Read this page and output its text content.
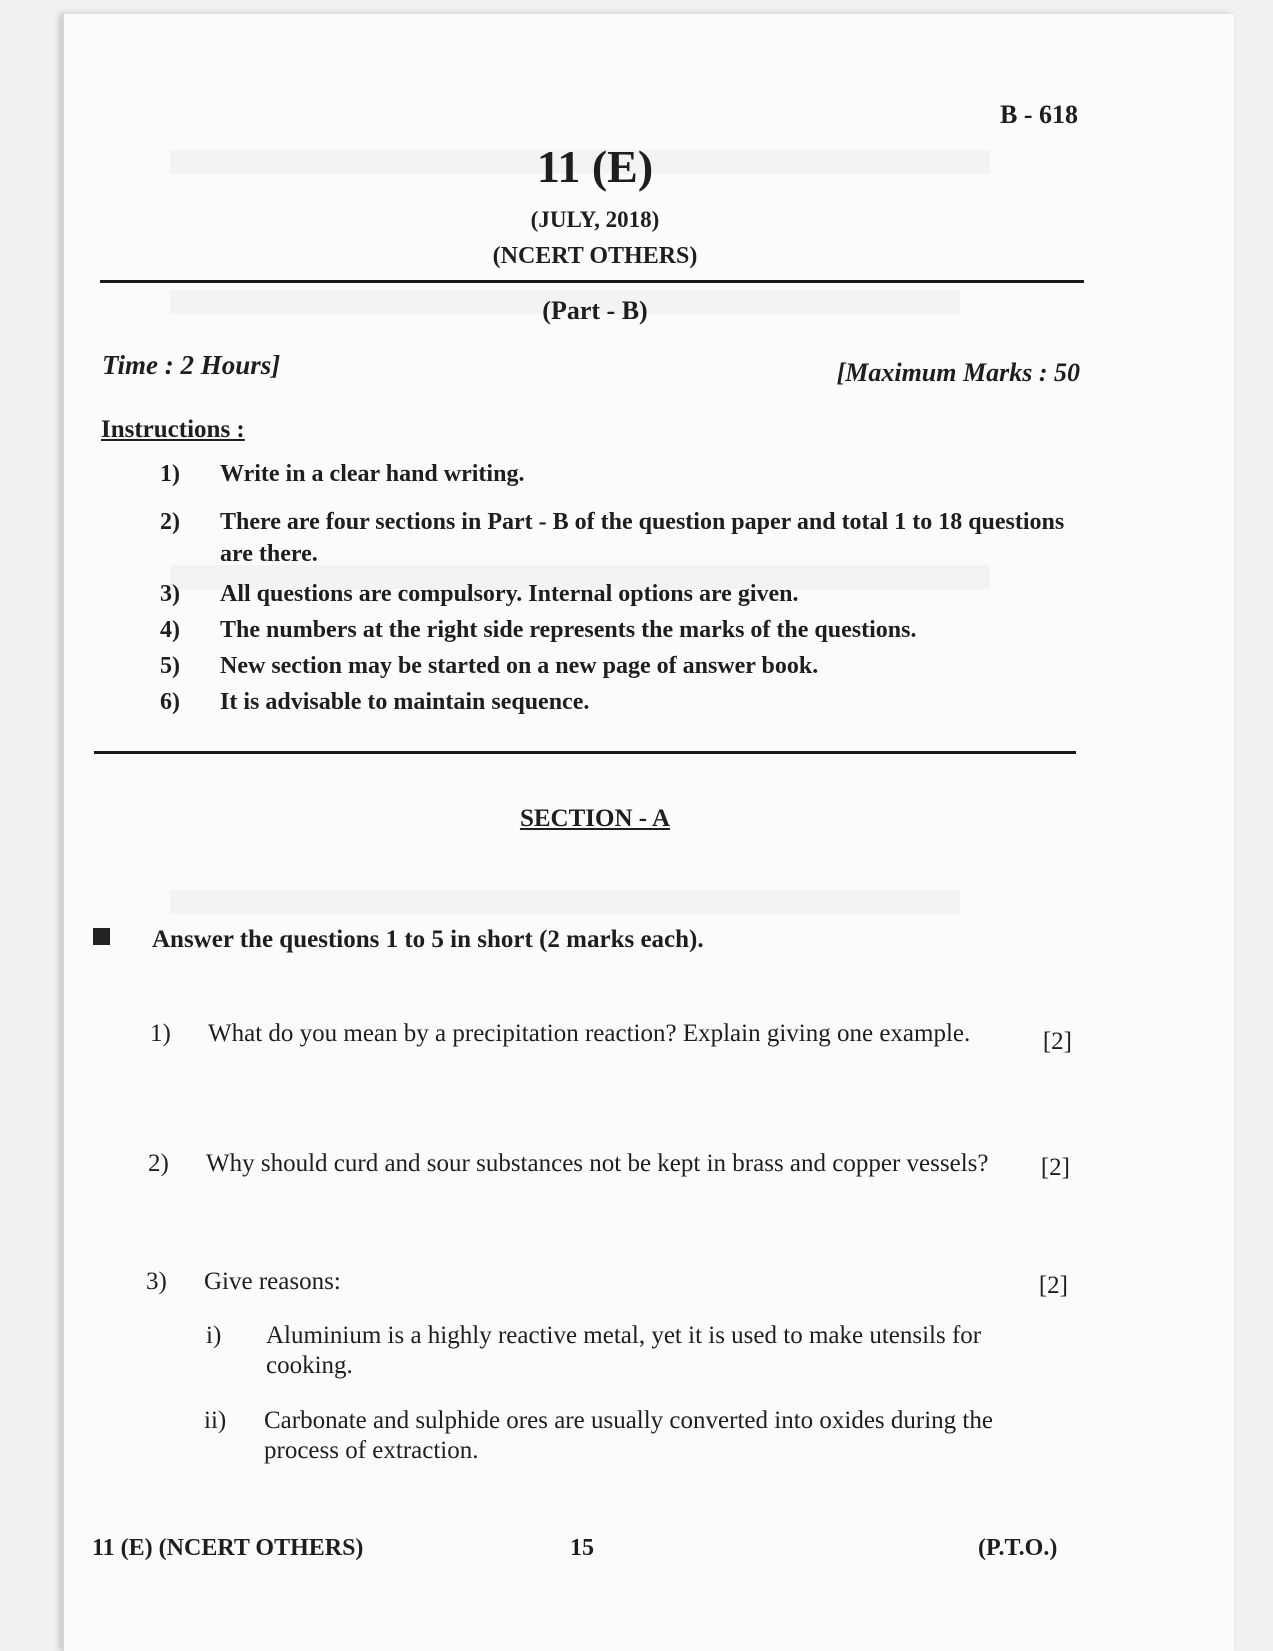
B - 618
11 (E)
(JULY, 2018)
(NCERT OTHERS)
(Part - B)
Time : 2 Hours]	[Maximum Marks : 50
Instructions :
1)	Write in a clear hand writing.
2)	There are four sections in Part - B of the question paper and total 1 to 18 questions are there.
3)	All questions are compulsory. Internal options are given.
4)	The numbers at the right side represents the marks of the questions.
5)	New section may be started on a new page of answer book.
6)	It is advisable to maintain sequence.
SECTION - A
Answer the questions 1 to 5 in short (2 marks each).
1)	What do you mean by a precipitation reaction? Explain giving one example.	[2]
2)	Why should curd and sour substances not be kept in brass and copper vessels?	[2]
3)	Give reasons:	[2]
i)	Aluminium is a highly reactive metal, yet it is used to make utensils for cooking.
ii)	Carbonate and sulphide ores are usually converted into oxides during the process of extraction.
11 (E) (NCERT OTHERS)	15	(P.T.O.)
